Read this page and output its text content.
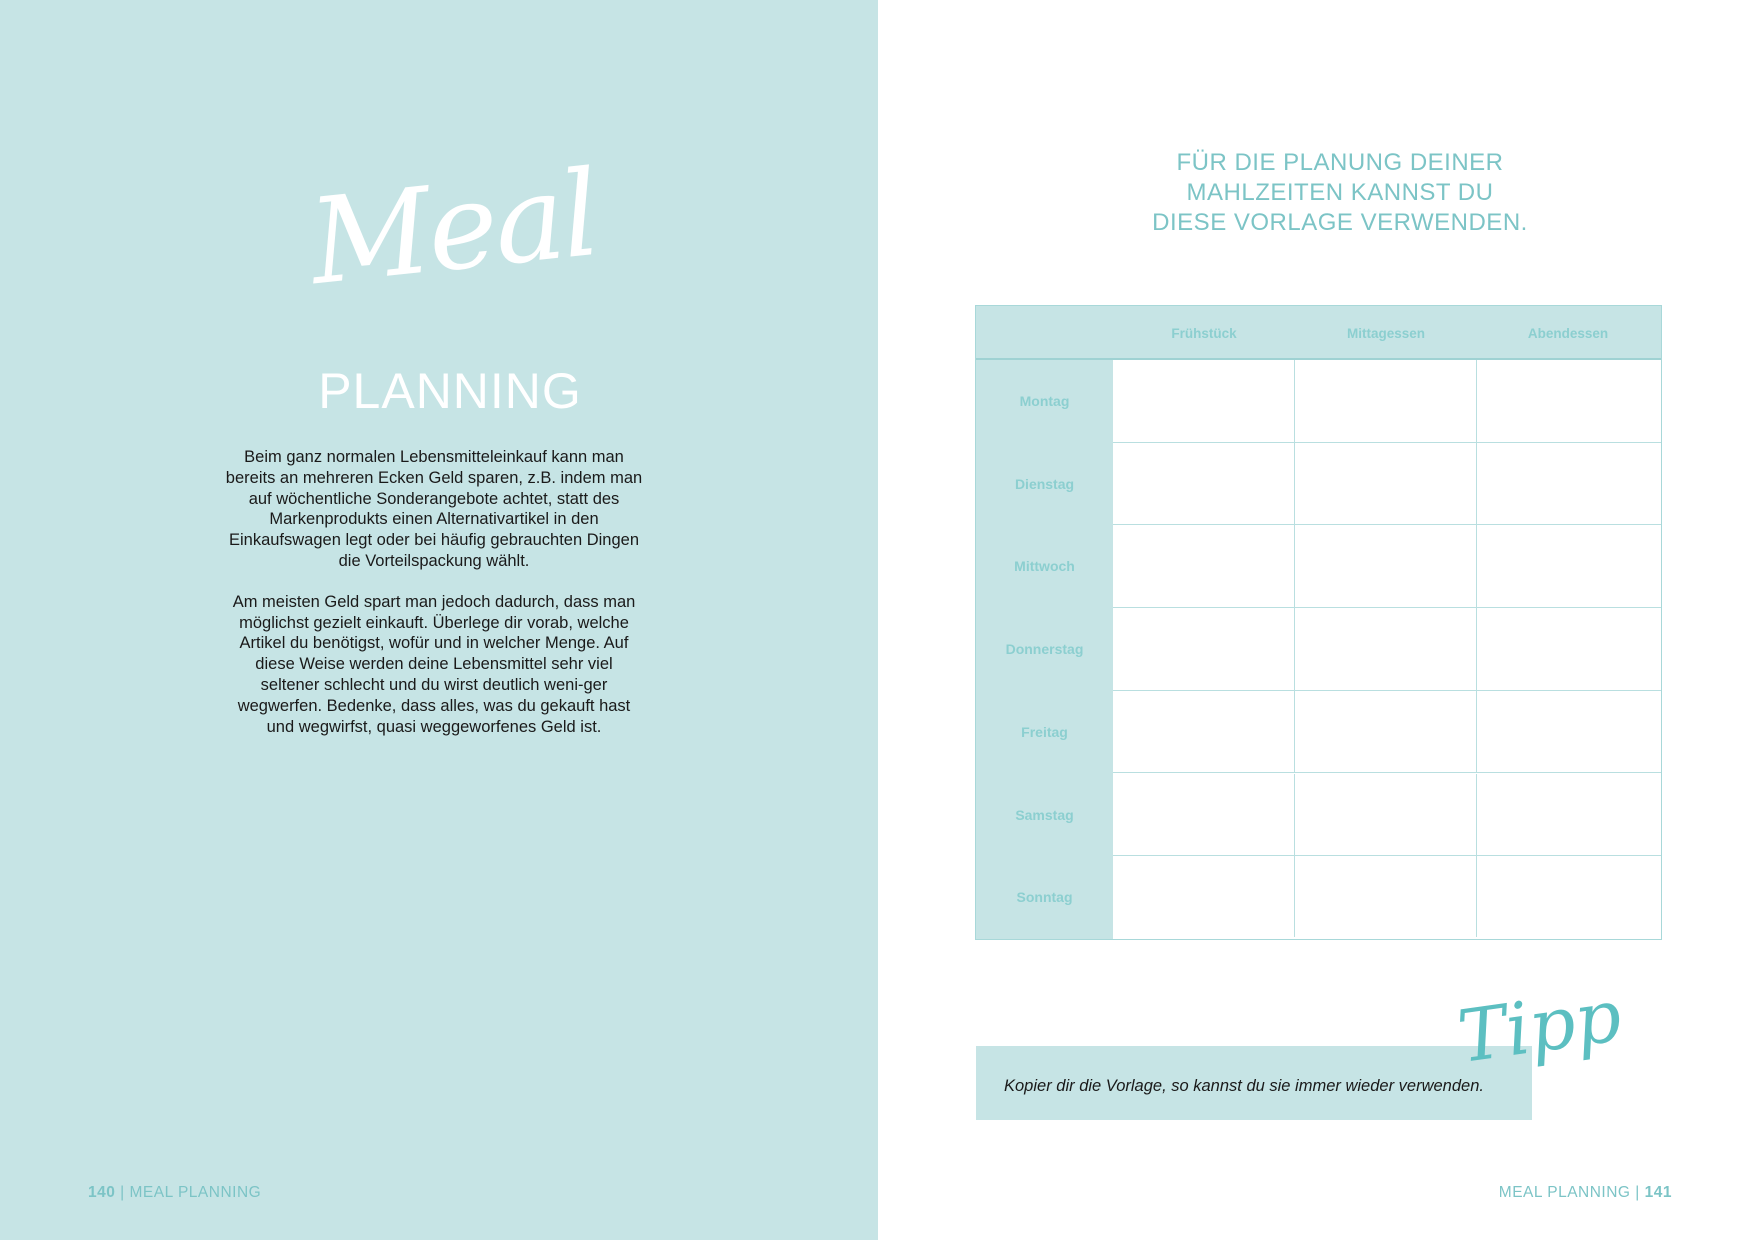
Meal
PLANNING

Beim ganz normalen Lebensmitteleinkauf kann man bereits an mehreren Ecken Geld sparen, z.B. indem man auf wöchentliche Sonderangebote achtet, statt des Markenprodukts einen Alternativartikel in den Einkaufswagen legt oder bei häufig gebrauchten Dingen die Vorteilspackung wählt.

Am meisten Geld spart man jedoch dadurch, dass man möglichst gezielt einkauft. Überlege dir vorab, welche Artikel du benötigst, wofür und in welcher Menge. Auf diese Weise werden deine Lebensmittel sehr viel seltener schlecht und du wirst deutlich weni-ger wegwerfen. Bedenke, dass alles, was du gekauft hast und wegwirfst, quasi weggeworfenes Geld ist.

140 | MEAL PLANNING
FÜR DIE PLANUNG DEINER
MAHLZEITEN KANNST DU
DIESE VORLAGE VERWENDEN.
Frühstück	Mittagessen	Abendessen
Montag
Dienstag
Mittwoch
Donnerstag
Freitag
Samstag
Sonntag
Kopier dir die Vorlage, so kannst du sie immer wieder verwenden.
Tipp
MEAL PLANNING | 141
